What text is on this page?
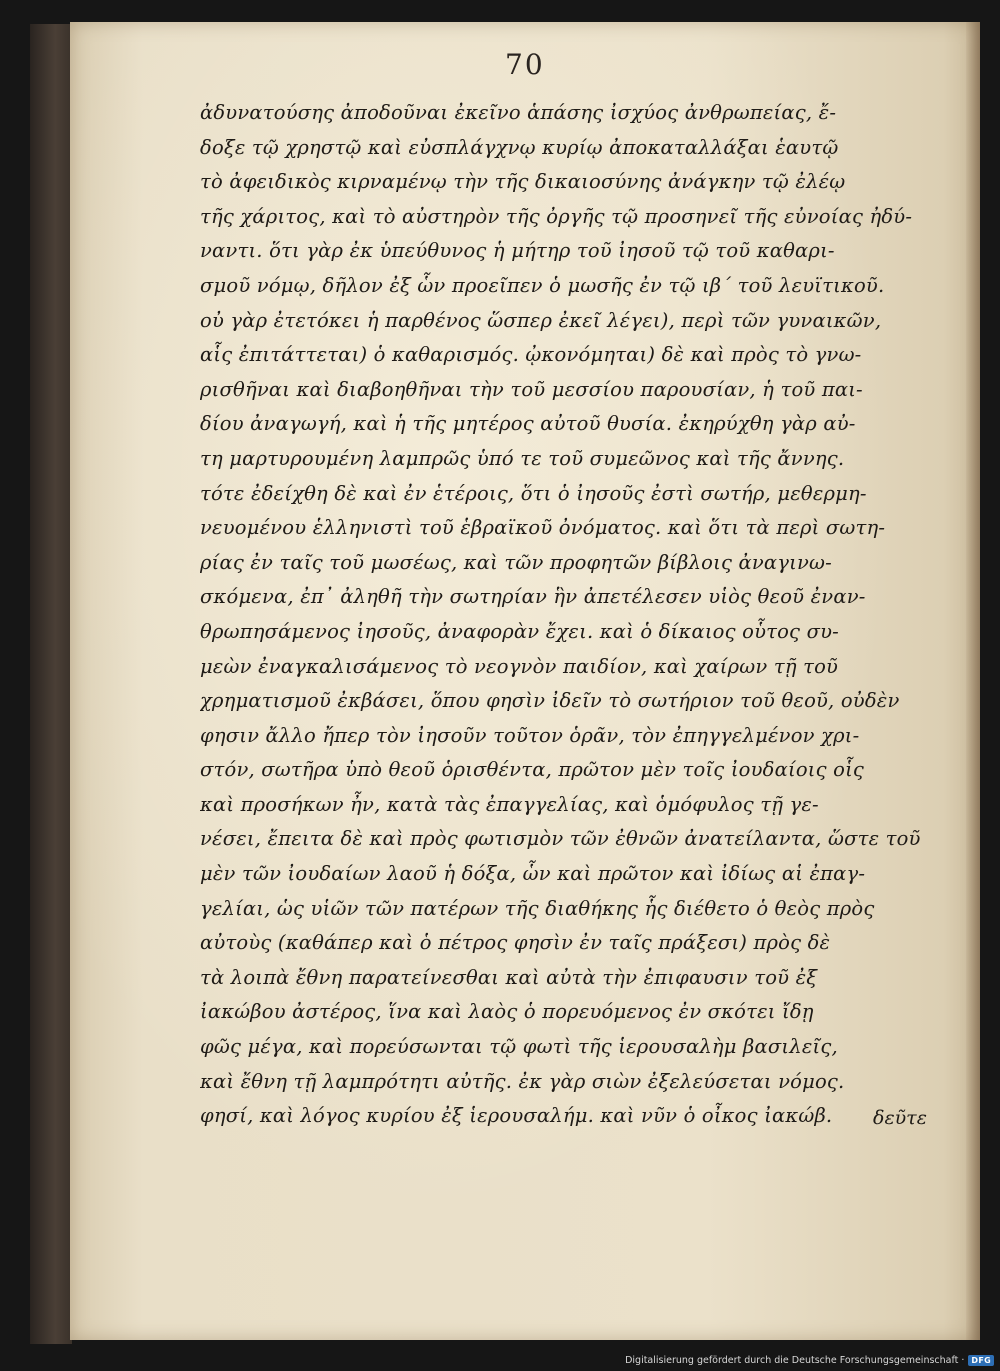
70
ἀδυνατούσης ἀποδοῦναι ἐκεῖνο ἁπάσης ἰσχύος ἀνθρωπείας, ἔ-
δοξε τῷ χρηστῷ καὶ εὐσπλάγχνῳ κυρίῳ ἀποκαταλλάξαι ἑαυτῷ
τὸ ἀφειδικὸς κιρναμένῳ τὴν τῆς δικαιοσύνης ἀνάγκην τῷ ἐλέῳ
τῆς χάριτος, καὶ τὸ αὐστηρὸν τῆς ὀργῆς τῷ προσηνεῖ τῆς εὐνοίας ἠδύ-
ναντι. ὅτι γὰρ ἐκ ὑπεύθυνος ἡ μήτηρ τοῦ ἰησοῦ τῷ τοῦ καθαρι-
σμοῦ νόμῳ, δῆλον ἐξ ὧν προεῖπεν ὁ μωσῆς ἐν τῷ ιβ΄ τοῦ λευϊτικοῦ.
οὐ γὰρ ἐτετόκει ἡ παρθένος ὥσπερ ἐκεῖ λέγει), περὶ τῶν γυναικῶν,
αἷς ἐπιτάττεται) ὁ καθαρισμός. ᾠκονόμηται) δὲ καὶ πρὸς τὸ γνω-
ρισθῆναι καὶ διαβοηθῆναι τὴν τοῦ μεσσίου παρουσίαν, ἡ τοῦ παι-
δίου ἀναγωγή, καὶ ἡ τῆς μητέρος αὐτοῦ θυσία. ἐκηρύχθη γὰρ αὐ-
τη μαρτυρουμένη λαμπρῶς ὑπό τε τοῦ συμεῶνος καὶ τῆς ἄννης.
τότε ἐδείχθη δὲ καὶ ἐν ἑτέροις, ὅτι ὁ ἰησοῦς ἐστὶ σωτήρ, μεθερμη-
νευομένου ἑλληνιστὶ τοῦ ἑβραϊκοῦ ὀνόματος. καὶ ὅτι τὰ περὶ σωτη-
ρίας ἐν ταῖς τοῦ μωσέως, καὶ τῶν προφητῶν βίβλοις ἀναγινω-
σκόμενα, ἐπ᾽ ἀληθῆ τὴν σωτηρίαν ἣν ἀπετέλεσεν υἱὸς θεοῦ ἐναν-
θρωπησάμενος ἰησοῦς, ἀναφορὰν ἔχει. καὶ ὁ δίκαιος οὗτος συ-
μεὼν ἐναγκαλισάμενος τὸ νεογνὸν παιδίον, καὶ χαίρων τῇ τοῦ
χρηματισμοῦ ἐκβάσει, ὅπου φησὶν ἰδεῖν τὸ σωτήριον τοῦ θεοῦ, οὐδὲν
φησιν ἄλλο ἤπερ τὸν ἰησοῦν τοῦτον ὁρᾶν, τὸν ἐπηγγελμένον χρι-
στόν, σωτῆρα ὑπὸ θεοῦ ὁρισθέντα, πρῶτον μὲν τοῖς ἰουδαίοις οἷς
καὶ προσήκων ἦν, κατὰ τὰς ἐπαγγελίας, καὶ ὁμόφυλος τῇ γε-
νέσει, ἔπειτα δὲ καὶ πρὸς φωτισμὸν τῶν ἐθνῶν ἀνατείλαντα, ὥστε τοῦ
μὲν τῶν ἰουδαίων λαοῦ ἡ δόξα, ὧν καὶ πρῶτον καὶ ἰδίως αἱ ἐπαγ-
γελίαι, ὡς υἱῶν τῶν πατέρων τῆς διαθήκης ἧς διέθετο ὁ θεὸς πρὸς
αὐτοὺς (καθάπερ καὶ ὁ πέτρος φησὶν ἐν ταῖς πράξεσι) πρὸς δὲ
τὰ λοιπὰ ἔθνη παρατείνεσθαι καὶ αὐτὰ τὴν ἐπιφαυσιν τοῦ ἐξ
ἰακώβου ἀστέρος, ἵνα καὶ λαὸς ὁ πορευόμενος ἐν σκότει ἴδῃ
φῶς μέγα, καὶ πορεύσωνται τῷ φωτὶ τῆς ἱερουσαλὴμ βασιλεῖς,
καὶ ἔθνη τῇ λαμπρότητι αὐτῆς. ἐκ γὰρ σιὼν ἐξελεύσεται νόμος.
φησί, καὶ λόγος κυρίου ἐξ ἱερουσαλήμ. καὶ νῦν ὁ οἶκος ἰακώβ.	δεῦτε
Digitalisierung gefördert durch die Deutsche Forschungsgemeinschaft · DFG
